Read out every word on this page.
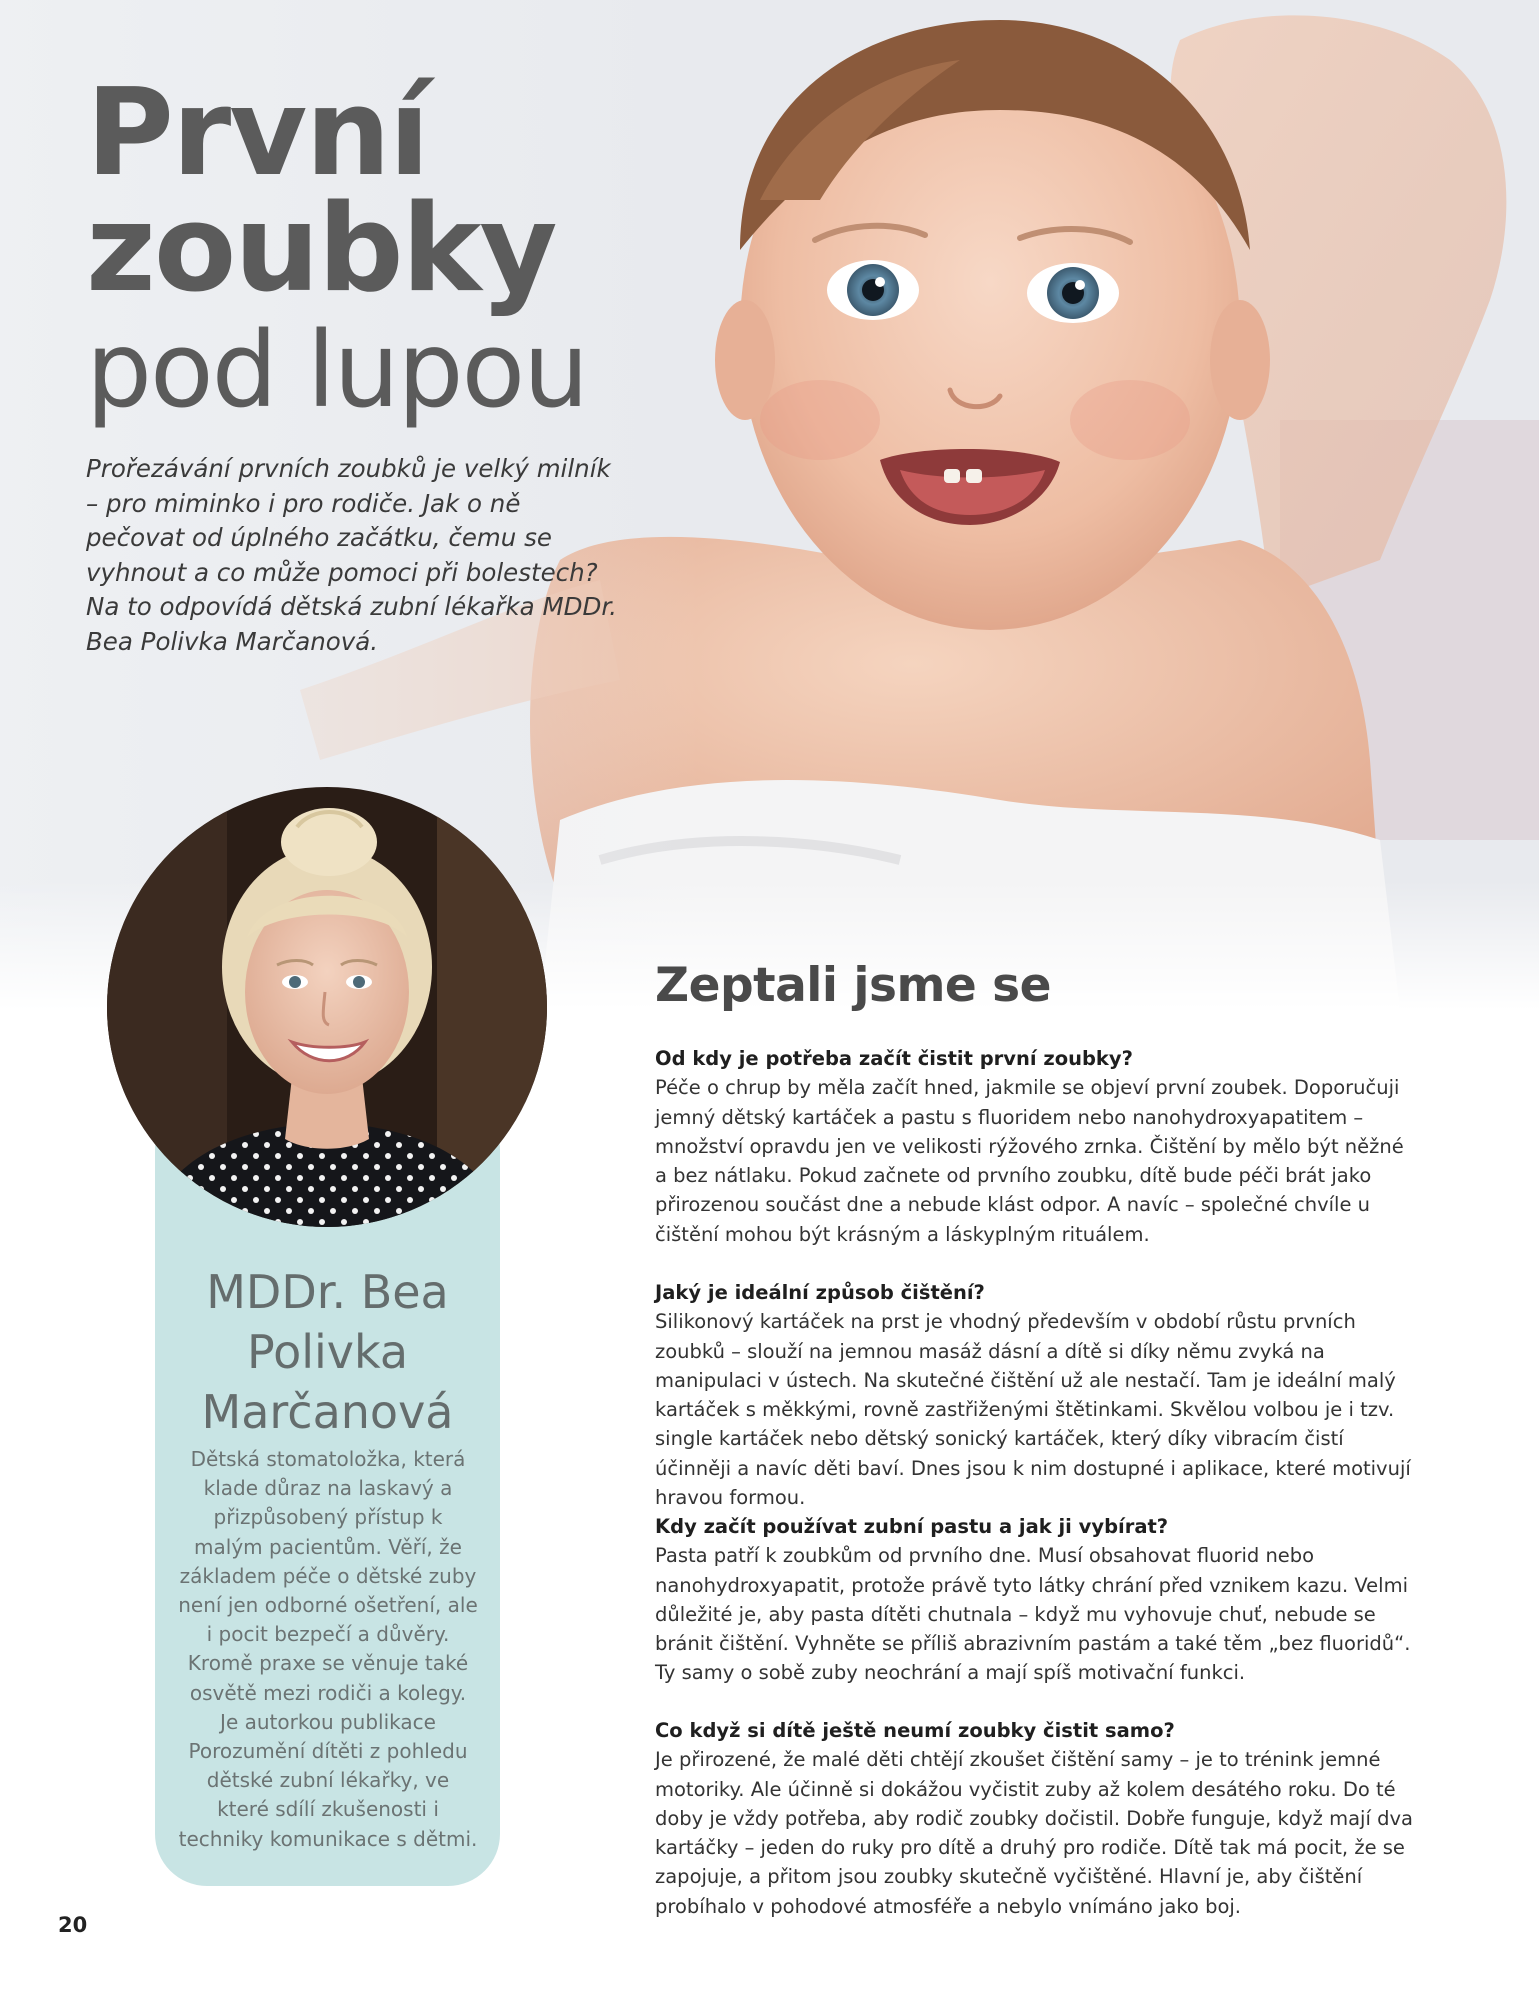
První
zoubky
pod lupou

Prořezávání prvních zoubků je velký milník – pro miminko i pro rodiče. Jak o ně pečovat od úplného začátku, čemu se vyhnout a co může pomoci při bolestech? Na to odpovídá dětská zubní lékařka MDDr. Bea Polivka Marčanová.

MDDr. Bea
Polivka
Marčanová

Dětská stomatoložka, která klade důraz na laskavý a přizpůsobený přístup k malým pacientům. Věří, že základem péče o dětské zuby není jen odborné ošetření, ale i pocit bezpečí a důvěry. Kromě praxe se věnuje také osvětě mezi rodiči a kolegy. Je autorkou publikace Porozumění dítěti z pohledu dětské zubní lékařky, ve které sdílí zkušenosti i techniky komunikace s dětmi.

Zeptali jsme se
Od kdy je potřeba začít čistit první zoubky?

Péče o chrup by měla začít hned, jakmile se objeví první zoubek. Doporučuji jemný dětský kartáček a pastu s fluoridem nebo nanohydroxyapatitem – množství opravdu jen ve velikosti rýžového zrnka. Čištění by mělo být něžné a bez nátlaku. Pokud začnete od prvního zoubku, dítě bude péči brát jako přirozenou součást dne a nebude klást odpor. A navíc – společné chvíle u čištění mohou být krásným a láskyplným rituálem.

Jaký je ideální způsob čištění?

Silikonový kartáček na prst je vhodný především v období růstu prvních zoubků – slouží na jemnou masáž dásní a dítě si díky němu zvyká na manipulaci v ústech. Na skutečné čištění už ale nestačí. Tam je ideální malý kartáček s měkkými, rovně zastřiženými štětinkami. Skvělou volbou je i tzv. single kartáček nebo dětský sonický kartáček, který díky vibracím čistí účinněji a navíc děti baví. Dnes jsou k nim dostupné i aplikace, které motivují hravou formou.

Kdy začít používat zubní pastu a jak ji vybírat?

Pasta patří k zoubkům od prvního dne. Musí obsahovat fluorid nebo nanohydroxyapatit, protože právě tyto látky chrání před vznikem kazu. Velmi důležité je, aby pasta dítěti chutnala – když mu vyhovuje chuť, nebude se bránit čištění. Vyhněte se příliš abrazivním pastám a také těm „bez fluoridů“. Ty samy o sobě zuby neochrání a mají spíš motivační funkci.

Co když si dítě ještě neumí zoubky čistit samo?

Je přirozené, že malé děti chtějí zkoušet čištění samy – je to trénink jemné motoriky. Ale účinně si dokážou vyčistit zuby až kolem desátého roku. Do té doby je vždy potřeba, aby rodič zoubky dočistil. Dobře funguje, když mají dva kartáčky – jeden do ruky pro dítě a druhý pro rodiče. Dítě tak má pocit, že se zapojuje, a přitom jsou zoubky skutečně vyčištěné. Hlavní je, aby čištění probíhalo v pohodové atmosféře a nebylo vnímáno jako boj.

20
